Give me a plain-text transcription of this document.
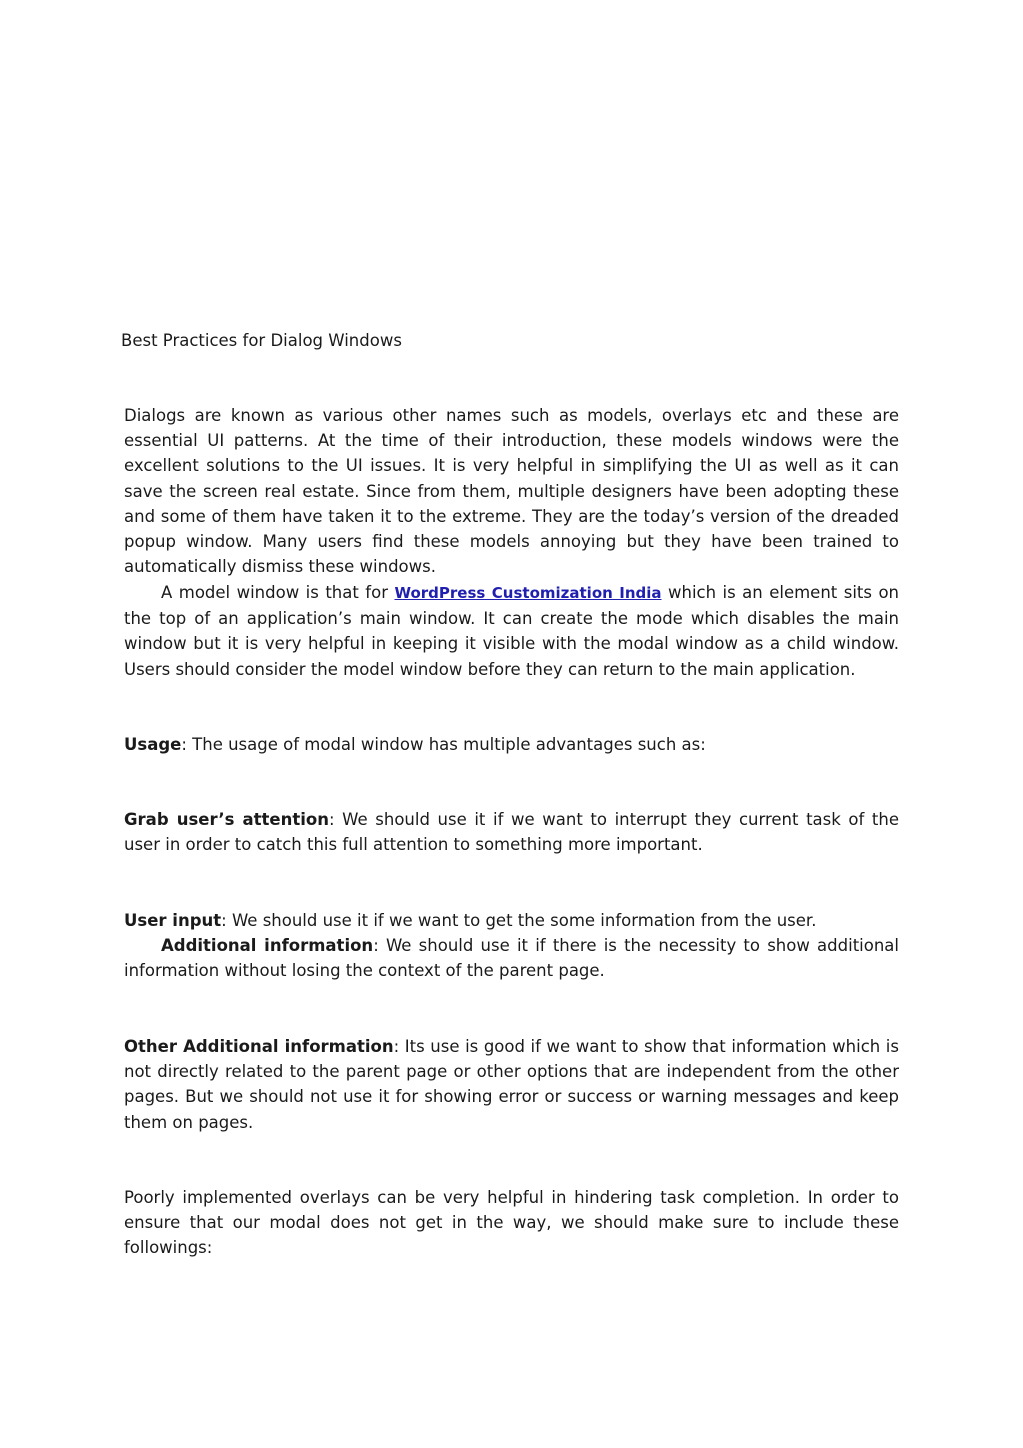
Best Practices for Dialog Windows
Dialogs are known as various other names such as models, overlays etc and these are essential UI patterns. At the time of their introduction, these models windows were the excellent solutions to the UI issues. It is very helpful in simplifying the UI as well as it can save the screen real estate. Since from them, multiple designers have been adopting these and some of them have taken it to the extreme. They are the today’s version of the dreaded popup window. Many users find these models annoying but they have been trained to automatically dismiss these windows.
A model window is that for WordPress Customization India which is an element sits on the top of an application’s main window. It can create the mode which disables the main window but it is very helpful in keeping it visible with the modal window as a child window. Users should consider the model window before they can return to the main application.
Usage: The usage of modal window has multiple advantages such as:
Grab user’s attention: We should use it if we want to interrupt they current task of the user in order to catch this full attention to something more important.
User input: We should use it if we want to get the some information from the user.
Additional information: We should use it if there is the necessity to show additional information without losing the context of the parent page.
Other Additional information: Its use is good if we want to show that information which is not directly related to the parent page or other options that are independent from the other pages. But we should not use it for showing error or success or warning messages and keep them on pages.
Poorly implemented overlays can be very helpful in hindering task completion. In order to ensure that our modal does not get in the way, we should make sure to include these followings:
